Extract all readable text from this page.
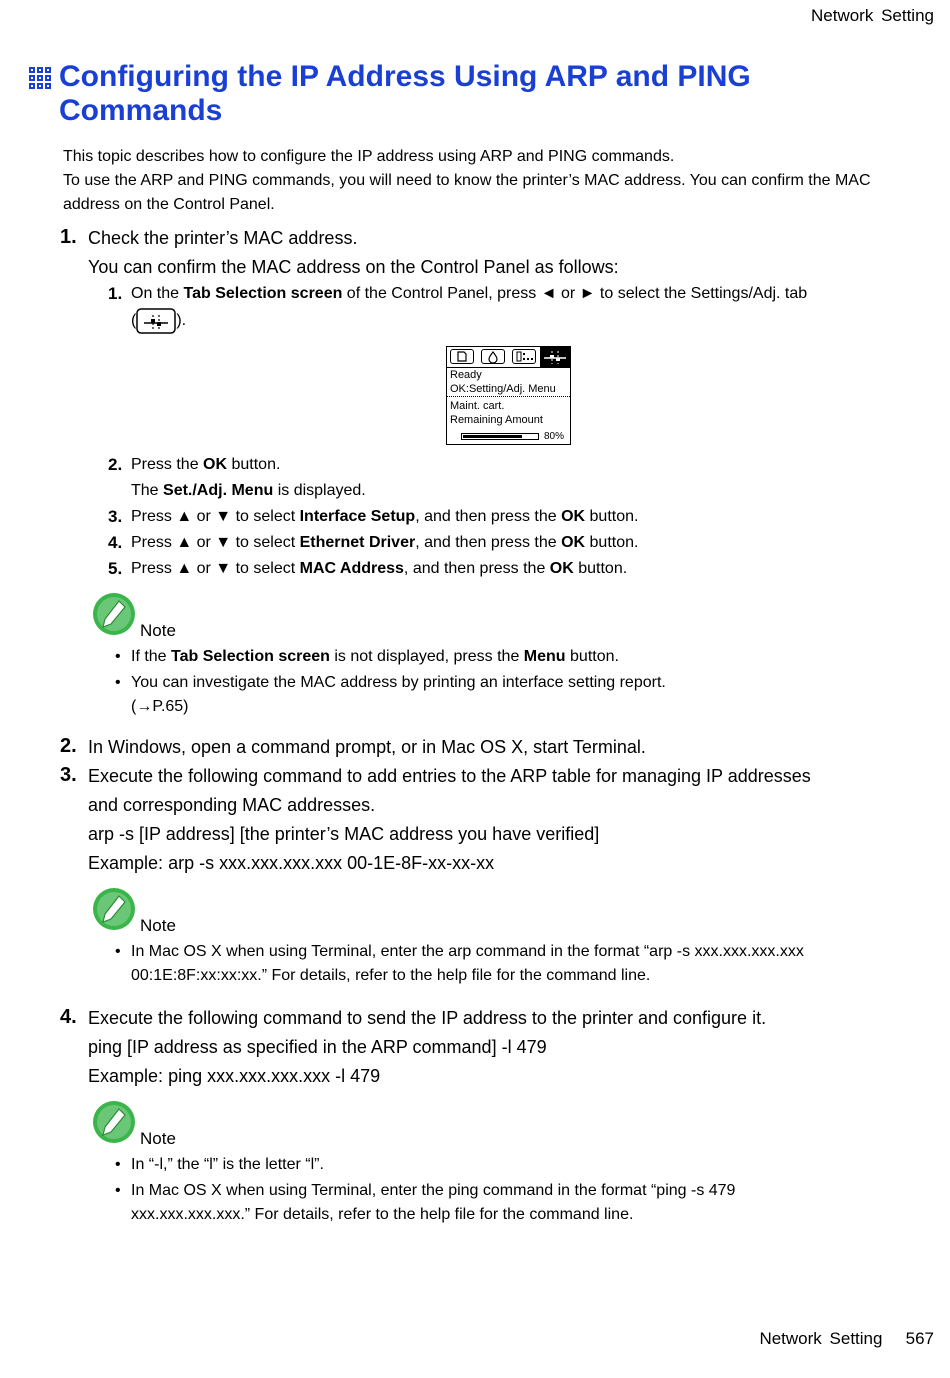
Network Setting
Configuring the IP Address Using ARP and PING Commands
This topic describes how to configure the IP address using ARP and PING commands.
To use the ARP and PING commands, you will need to know the printer’s MAC address. You can confirm the MAC address on the Control Panel.
1. Check the printer’s MAC address.
You can confirm the MAC address on the Control Panel as follows:
1. On the Tab Selection screen of the Control Panel, press ◄ or ► to select the Settings/Adj. tab
(	).
Ready
OK:Setting/Adj. Menu
Maint. cart.
Remaining Amount
80%
2. Press the OK button.
The Set./Adj. Menu is displayed.
3. Press ▲ or ▼ to select Interface Setup, and then press the OK button.
4. Press ▲ or ▼ to select Ethernet Driver, and then press the OK button.
5. Press ▲ or ▼ to select MAC Address, and then press the OK button.
Note
• If the Tab Selection screen is not displayed, press the Menu button.
• You can investigate the MAC address by printing an interface setting report.
(→P.65)
2. In Windows, open a command prompt, or in Mac OS X, start Terminal.
3. Execute the following command to add entries to the ARP table for managing IP addresses
and corresponding MAC addresses.
arp -s [IP address] [the printer’s MAC address you have verified]
Example: arp -s xxx.xxx.xxx.xxx 00-1E-8F-xx-xx-xx
Note
• In Mac OS X when using Terminal, enter the arp command in the format “arp -s xxx.xxx.xxx.xxx
00:1E:8F:xx:xx:xx.” For details, refer to the help file for the command line.
4. Execute the following command to send the IP address to the printer and configure it.
ping [IP address as specified in the ARP command] -l 479
Example: ping xxx.xxx.xxx.xxx -l 479
Note
• In “-l,” the “l” is the letter “l”.
• In Mac OS X when using Terminal, enter the ping command in the format “ping -s 479
xxx.xxx.xxx.xxx.” For details, refer to the help file for the command line.
Network Setting 567
